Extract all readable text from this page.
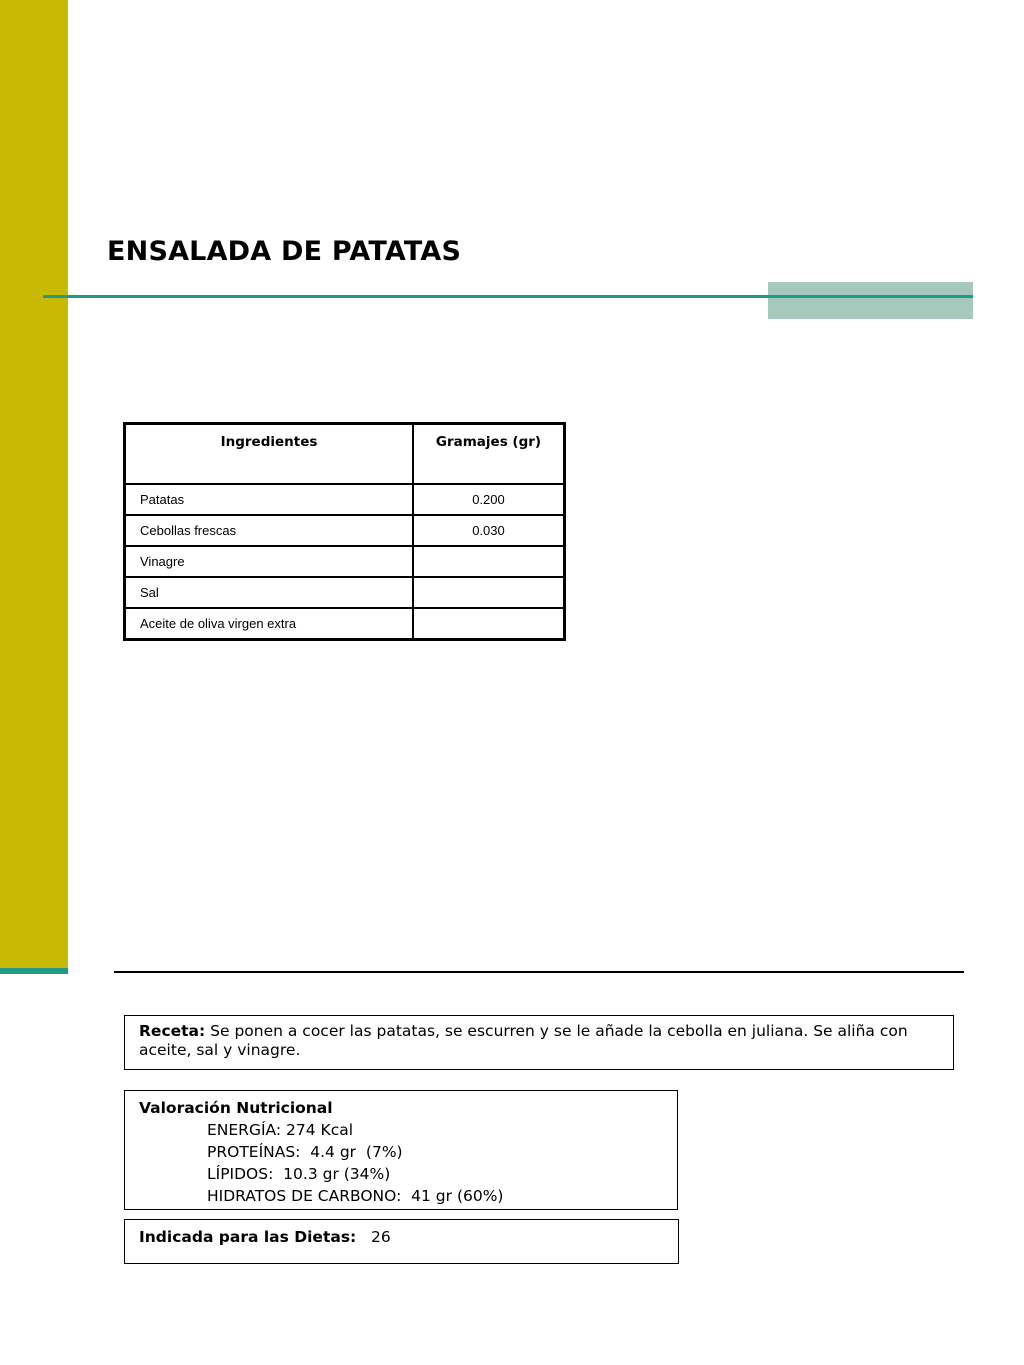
ENSALADA DE PATATAS
Ingredientes	Gramajes (gr)
Patatas	0.200
Cebollas frescas	0.030
Vinagre	
Sal	
Aceite de oliva virgen extra	
Receta: Se ponen a cocer las patatas, se escurren y se le añade la cebolla en juliana. Se aliña con aceite, sal y vinagre.
Valoración Nutricional
ENERGÍA: 274 Kcal
PROTEÍNAS:  4.4 gr  (7%)
LÍPIDOS:  10.3 gr (34%)
HIDRATOS DE CARBONO:  41 gr (60%)
Indicada para las Dietas: 26
